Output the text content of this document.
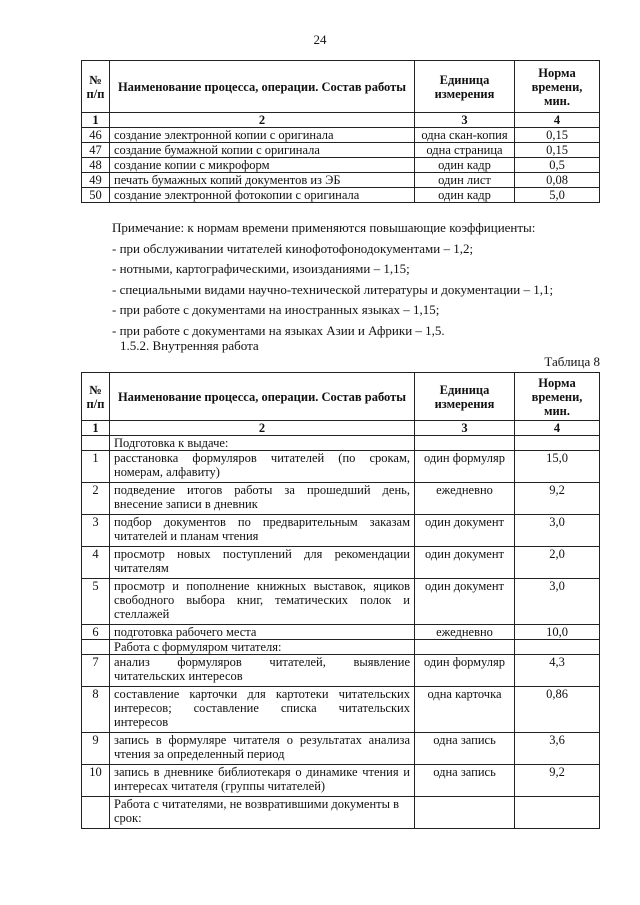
24
№ п/п	Наименование процесса, операции. Состав работы	Единица измерения	Норма времени, мин.
1	2	3	4
46	создание электронной копии с оригинала	одна скан-копия	0,15
47	создание бумажной копии с оригинала	одна страница	0,15
48	создание копии с микроформ	один кадр	0,5
49	печать бумажных копий документов из ЭБ	один лист	0,08
50	создание электронной фотокопии с оригинала	один кадр	5,0

Примечание: к нормам времени применяются повышающие коэффициенты:

- при обслуживании читателей кинофотофонодокументами – 1,2;

- нотными, картографическими, изоизданиями – 1,15;

- специальными видами научно-технической литературы и документации – 1,1;

- при работе с документами на иностранных языках – 1,15;

- при работе с документами на языках Азии и Африки – 1,5.

1.5.2. Внутренняя работа
Таблица 8
№ п/п	Наименование процесса, операции. Состав работы	Единица измерения	Норма времени, мин.
1	2	3	4
	Подготовка к выдаче:		
1	расстановка формуляров читателей (по срокам, номерам, алфавиту)	один формуляр	15,0
2	подведение итогов работы за прошедший день, внесение записи в дневник	ежедневно	9,2
3	подбор документов по предварительным заказам читателей и планам чтения	один документ	3,0
4	просмотр новых поступлений для рекомендации читателям	один документ	2,0
5	просмотр и пополнение книжных выставок, яциков свободного выбора книг, тематических полок и стеллажей	один документ	3,0
6	подготовка рабочего места	ежедневно	10,0
	Работа с формуляром читателя:		
7	анализ формуляров читателей, выявление читательских интересов	один формуляр	4,3
8	составление карточки для картотеки читательских интересов; составление списка читательских интересов	одна карточка	0,86
9	запись в формуляре читателя о результатах анализа чтения за определенный период	одна запись	3,6
10	запись в дневнике библиотекаря о динамике чтения и интересах читателя (группы читателей)	одна запись	9,2
	Работа с читателями, не возвратившими документы в срок:		
